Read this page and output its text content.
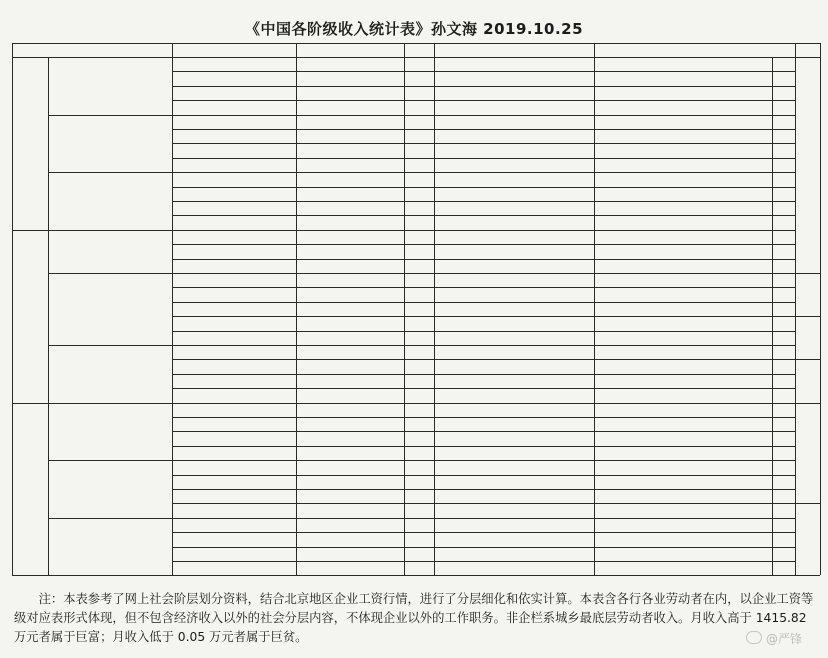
《中国各阶级收入统计表》孙文海 2019.10.25
注：本表参考了网上社会阶层划分资料，结合北京地区企业工资行情，进行了分层细化和依实计算。本表含各行各业劳动者在内，以企业工资等级对应表形式体现，但不包含经济收入以外的社会分层内容，不体现企业以外的工作职务。非企栏系城乡最底层劳动者收入。月收入高于 1415.82 万元者属于巨富；月收入低于 0.05 万元者属于巨贫。	@严锋
